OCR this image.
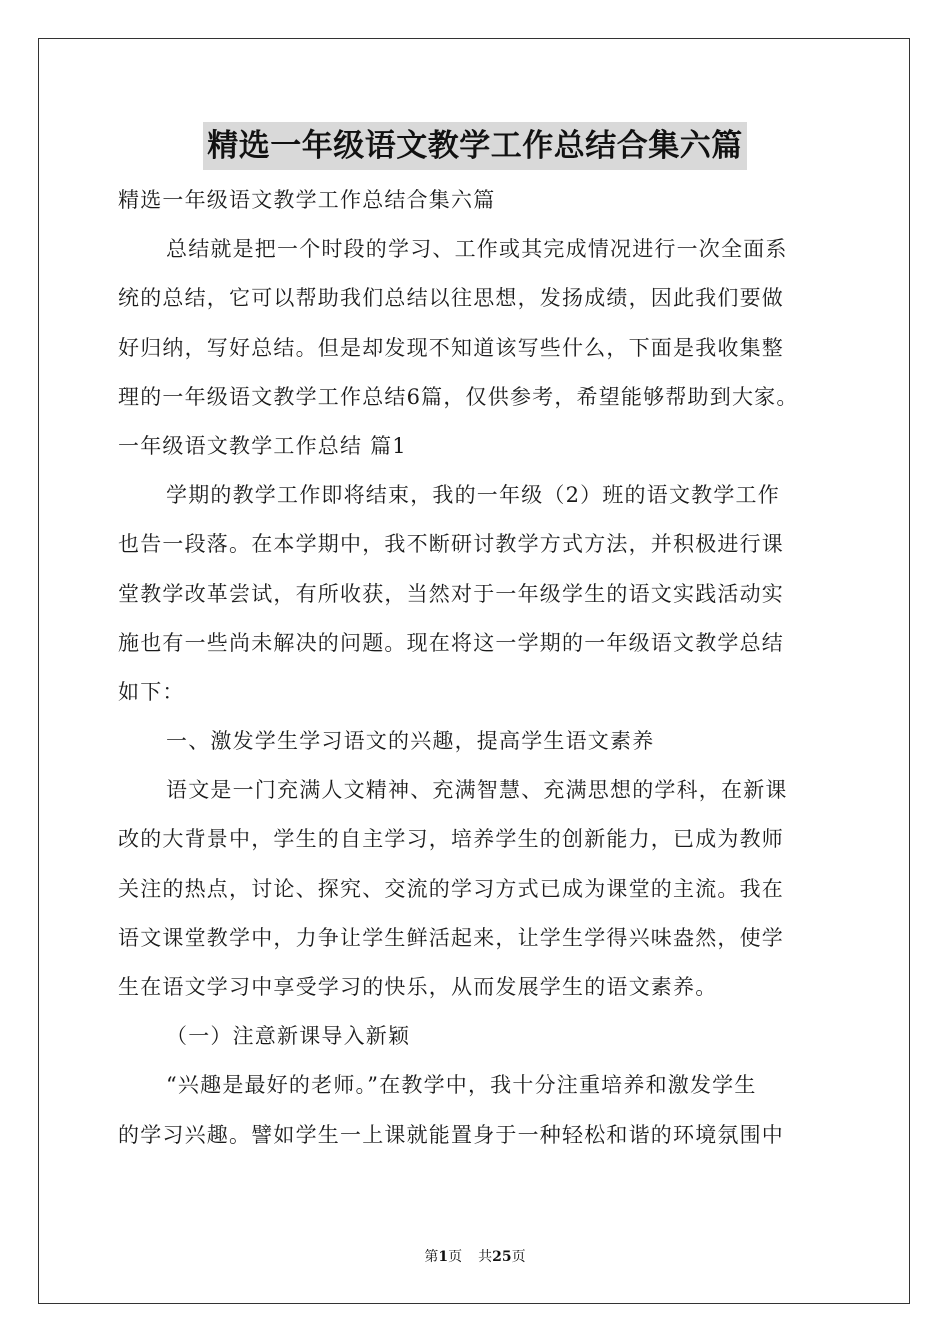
精选一年级语文教学工作总结合集六篇
精选一年级语文教学工作总结合集六篇
总结就是把一个时段的学习、工作或其完成情况进行一次全面系
统的总结，它可以帮助我们总结以往思想，发扬成绩，因此我们要做
好归纳，写好总结。但是却发现不知道该写些什么，下面是我收集整
理的一年级语文教学工作总结6篇，仅供参考，希望能够帮助到大家。
一年级语文教学工作总结 篇1
学期的教学工作即将结束，我的一年级（2）班的语文教学工作
也告一段落。在本学期中，我不断研讨教学方式方法，并积极进行课
堂教学改革尝试，有所收获，当然对于一年级学生的语文实践活动实
施也有一些尚未解决的问题。现在将这一学期的一年级语文教学总结
如下：
一、激发学生学习语文的兴趣，提高学生语文素养
语文是一门充满人文精神、充满智慧、充满思想的学科，在新课
改的大背景中，学生的自主学习，培养学生的创新能力，已成为教师
关注的热点，讨论、探究、交流的学习方式已成为课堂的主流。我在
语文课堂教学中，力争让学生鲜活起来，让学生学得兴味盎然，使学
生在语文学习中享受学习的快乐，从而发展学生的语文素养。
（一）注意新课导入新颖
“兴趣是最好的老师。”在教学中，我十分注重培养和激发学生
的学习兴趣。譬如学生一上课就能置身于一种轻松和谐的环境氛围中
第1页 共25页
